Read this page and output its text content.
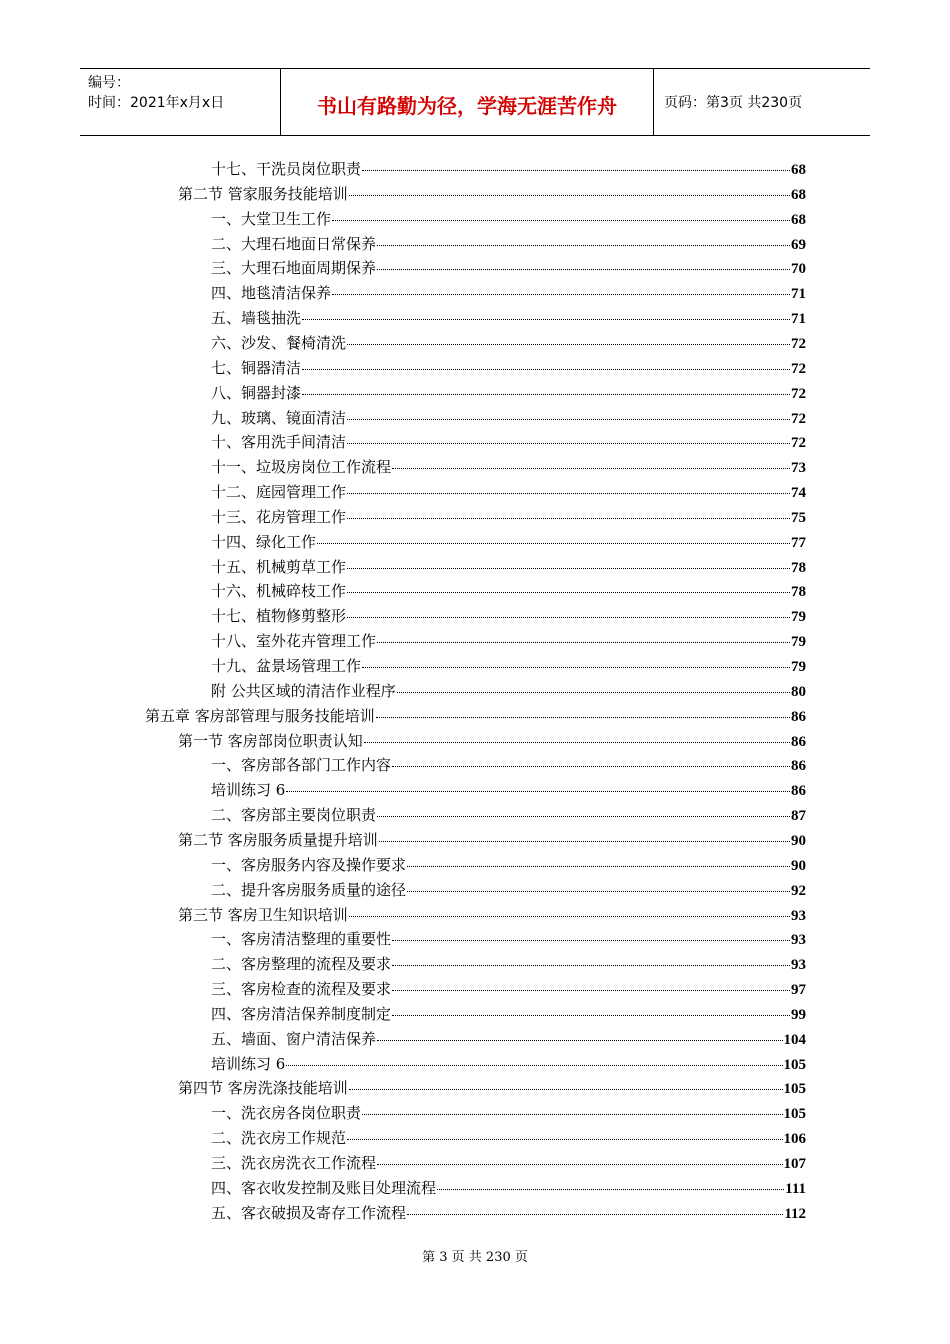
编号：
时间：2021年x月x日	书山有路勤为径，学海无涯苦作舟	页码：第3页 共230页
十七、干洗员岗位职责	68
第二节 管家服务技能培训	68
一、大堂卫生工作	68
二、大理石地面日常保养	69
三、大理石地面周期保养	70
四、地毯清洁保养	71
五、墙毯抽洗	71
六、沙发、餐椅清洗	72
七、铜器清洁	72
八、铜器封漆	72
九、玻璃、镜面清洁	72
十、客用洗手间清洁	72
十一、垃圾房岗位工作流程	73
十二、庭园管理工作	74
十三、花房管理工作	75
十四、绿化工作	77
十五、机械剪草工作	78
十六、机械碎枝工作	78
十七、植物修剪整形	79
十八、室外花卉管理工作	79
十九、盆景场管理工作	79
附 公共区域的清洁作业程序	80
第五章 客房部管理与服务技能培训	86
第一节 客房部岗位职责认知	86
一、客房部各部门工作内容	86
培训练习 6	86
二、客房部主要岗位职责	87
第二节 客房服务质量提升培训	90
一、客房服务内容及操作要求	90
二、提升客房服务质量的途径	92
第三节 客房卫生知识培训	93
一、客房清洁整理的重要性	93
二、客房整理的流程及要求	93
三、客房检查的流程及要求	97
四、客房清洁保养制度制定	99
五、墙面、窗户清洁保养	104
培训练习 6	105
第四节 客房洗涤技能培训	105
一、洗衣房各岗位职责	105
二、洗衣房工作规范	106
三、洗衣房洗衣工作流程	107
四、客衣收发控制及账目处理流程	111
五、客衣破损及寄存工作流程	112
第 3 页 共 230 页
